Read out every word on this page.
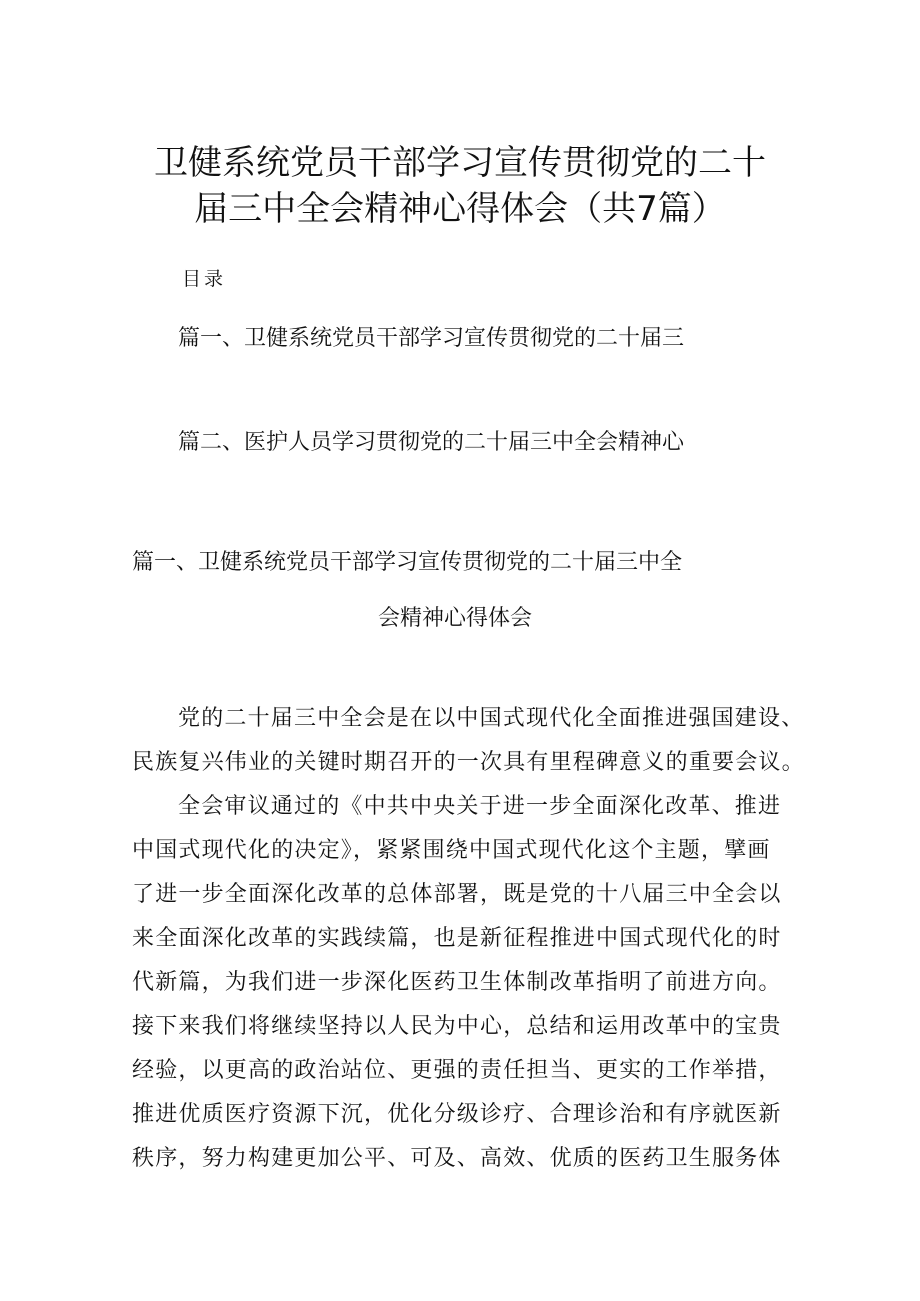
卫健系统党员干部学习宣传贯彻党的二十
届三中全会精神心得体会（共7篇）
目录
篇一、卫健系统党员干部学习宣传贯彻党的二十届三
篇二、医护人员学习贯彻党的二十届三中全会精神心
篇一、卫健系统党员干部学习宣传贯彻党的二十届三中全
会精神心得体会
党的二十届三中全会是在以中国式现代化全面推进强国建设、
民族复兴伟业的关键时期召开的一次具有里程碑意义的重要会议。
全会审议通过的《中共中央关于进一步全面深化改革、推进
中国式现代化的决定》，紧紧围绕中国式现代化这个主题，擘画
了进一步全面深化改革的总体部署，既是党的十八届三中全会以
来全面深化改革的实践续篇，也是新征程推进中国式现代化的时
代新篇，为我们进一步深化医药卫生体制改革指明了前进方向。
接下来我们将继续坚持以人民为中心，总结和运用改革中的宝贵
经验，以更高的政治站位、更强的责任担当、更实的工作举措，
推进优质医疗资源下沉，优化分级诊疗、合理诊治和有序就医新
秩序，努力构建更加公平、可及、高效、优质的医药卫生服务体
